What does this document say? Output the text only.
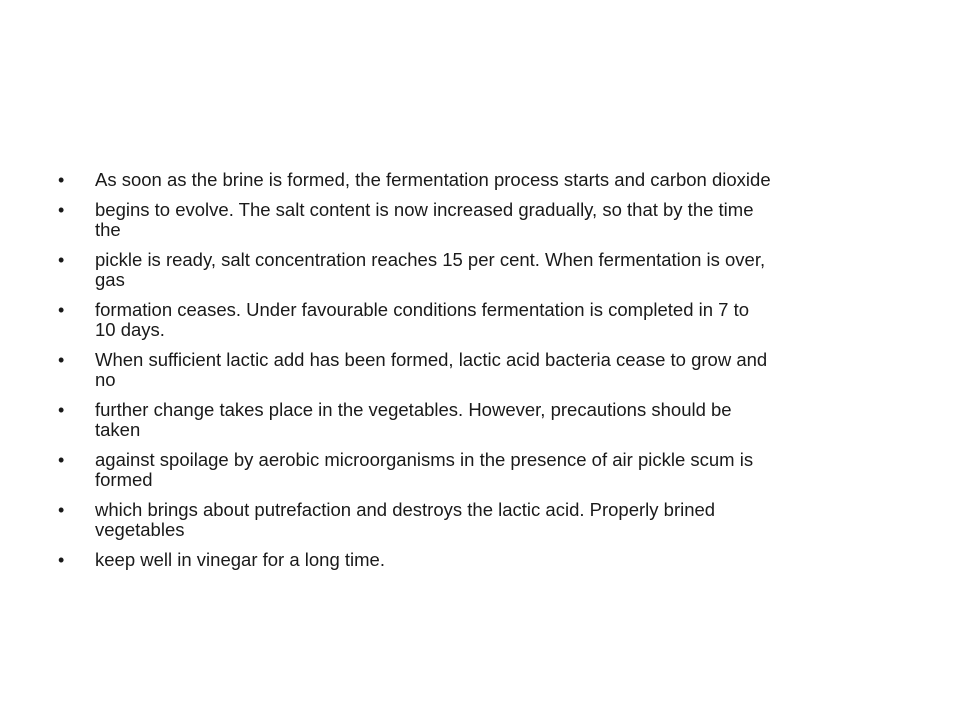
•	As soon as the brine is formed, the fermentation process starts and carbon dioxide
•	begins to evolve. The salt content is now increased gradually, so that by the time
the
•	pickle is ready, salt concentration reaches 15 per cent. When fermentation is over,
gas
•	formation ceases. Under favourable conditions fermentation is completed in 7 to
10 days.
•	When sufficient lactic add has been formed, lactic acid bacteria cease to grow and
no
•	further change takes place in the vegetables. However, precautions should be
taken
•	against spoilage by aerobic microorganisms in the presence of air pickle scum is
formed
•	which brings about putrefaction and destroys the lactic acid. Properly brined
vegetables
•	keep well in vinegar for a long time.
